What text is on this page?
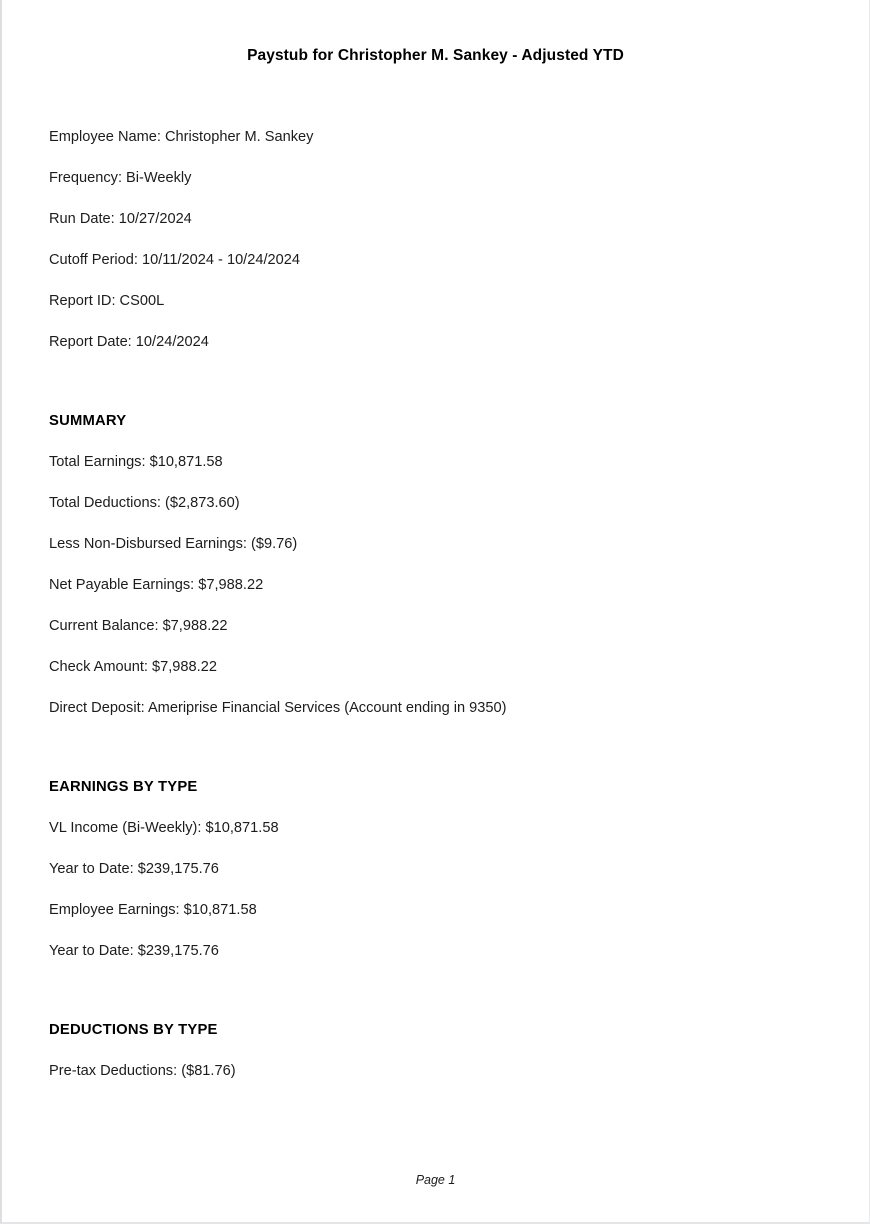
Paystub for Christopher M. Sankey - Adjusted YTD

Employee Name: Christopher M. Sankey

Frequency: Bi-Weekly

Run Date: 10/27/2024

Cutoff Period: 10/11/2024 - 10/24/2024

Report ID: CS00L

Report Date: 10/24/2024

SUMMARY

Total Earnings: $10,871.58

Total Deductions: ($2,873.60)

Less Non-Disbursed Earnings: ($9.76)

Net Payable Earnings: $7,988.22

Current Balance: $7,988.22

Check Amount: $7,988.22

Direct Deposit: Ameriprise Financial Services (Account ending in 9350)

EARNINGS BY TYPE

VL Income (Bi-Weekly): $10,871.58

Year to Date: $239,175.76

Employee Earnings: $10,871.58

Year to Date: $239,175.76

DEDUCTIONS BY TYPE

Pre-tax Deductions: ($81.76)

Page 1
